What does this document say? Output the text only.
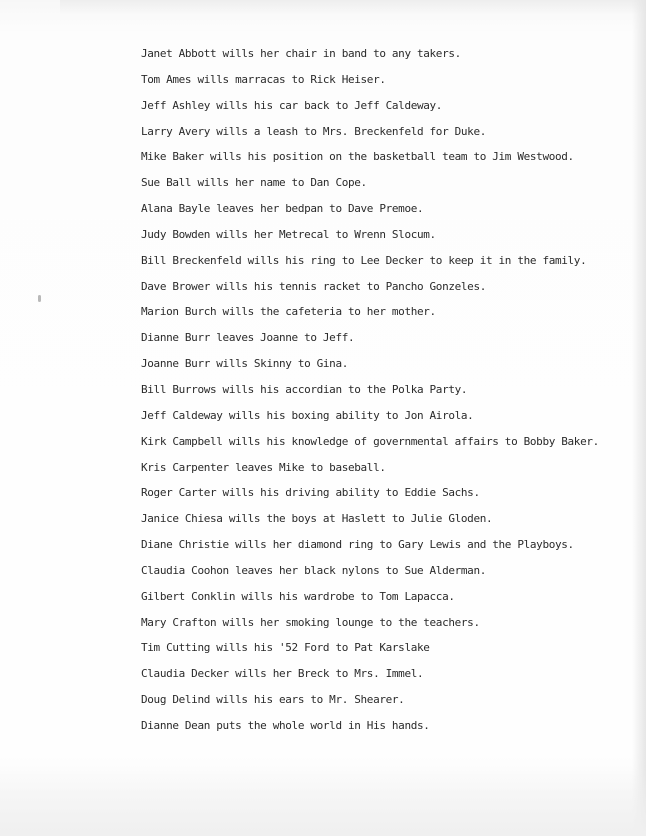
Janet Abbott wills her chair in band to any takers.
Tom Ames wills marracas to Rick Heiser.
Jeff Ashley wills his car back to Jeff Caldeway.
Larry Avery wills a leash to Mrs. Breckenfeld for Duke.
Mike Baker wills his position on the basketball team to Jim Westwood.
Sue Ball wills her name to Dan Cope.
Alana Bayle leaves her bedpan to Dave Premoe.
Judy Bowden wills her Metrecal to Wrenn Slocum.
Bill Breckenfeld wills his ring to Lee Decker to keep it in the family.
Dave Brower wills his tennis racket to Pancho Gonzeles.
Marion Burch wills the cafeteria to her mother.
Dianne Burr leaves Joanne to Jeff.
Joanne Burr wills Skinny to Gina.
Bill Burrows wills his accordian to the Polka Party.
Jeff Caldeway wills his boxing ability to Jon Airola.
Kirk Campbell wills his knowledge of governmental affairs to Bobby Baker.
Kris Carpenter leaves Mike to baseball.
Roger Carter wills his driving ability to Eddie Sachs.
Janice Chiesa wills the boys at Haslett to Julie Gloden.
Diane Christie wills her diamond ring to Gary Lewis and the Playboys.
Claudia Coohon leaves her black nylons to Sue Alderman.
Gilbert Conklin wills his wardrobe to Tom Lapacca.
Mary Crafton wills her smoking lounge to the teachers.
Tim Cutting wills his '52 Ford to Pat Karslake
Claudia Decker wills her Breck to Mrs. Immel.
Doug Delind wills his ears to Mr. Shearer.
Dianne Dean puts the whole world in His hands.
